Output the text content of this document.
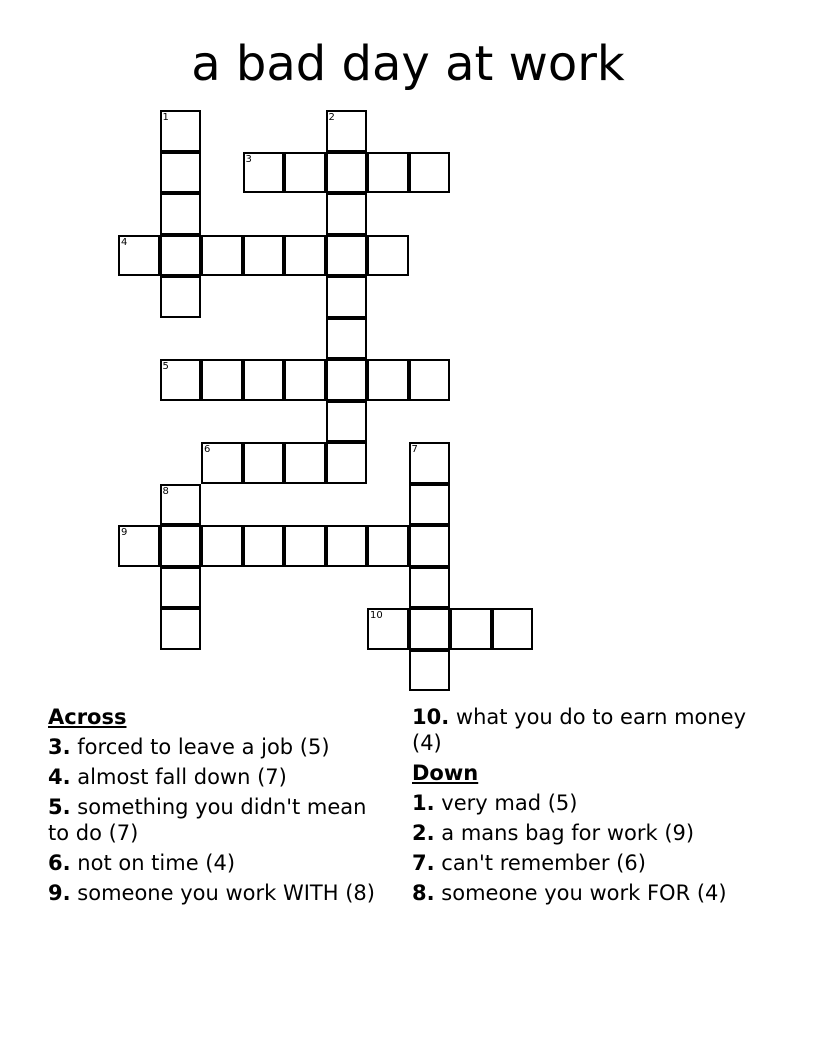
a bad day at work
1	2
3
4
5
6	7
8
9
10
Across
3. forced to leave a job (5)
4. almost fall down (7)
5. something you didn't mean to do (7)
6. not on time (4)
9. someone you work WITH (8)
10. what you do to earn money (4)
Down
1. very mad (5)
2. a mans bag for work (9)
7. can't remember (6)
8. someone you work FOR (4)
